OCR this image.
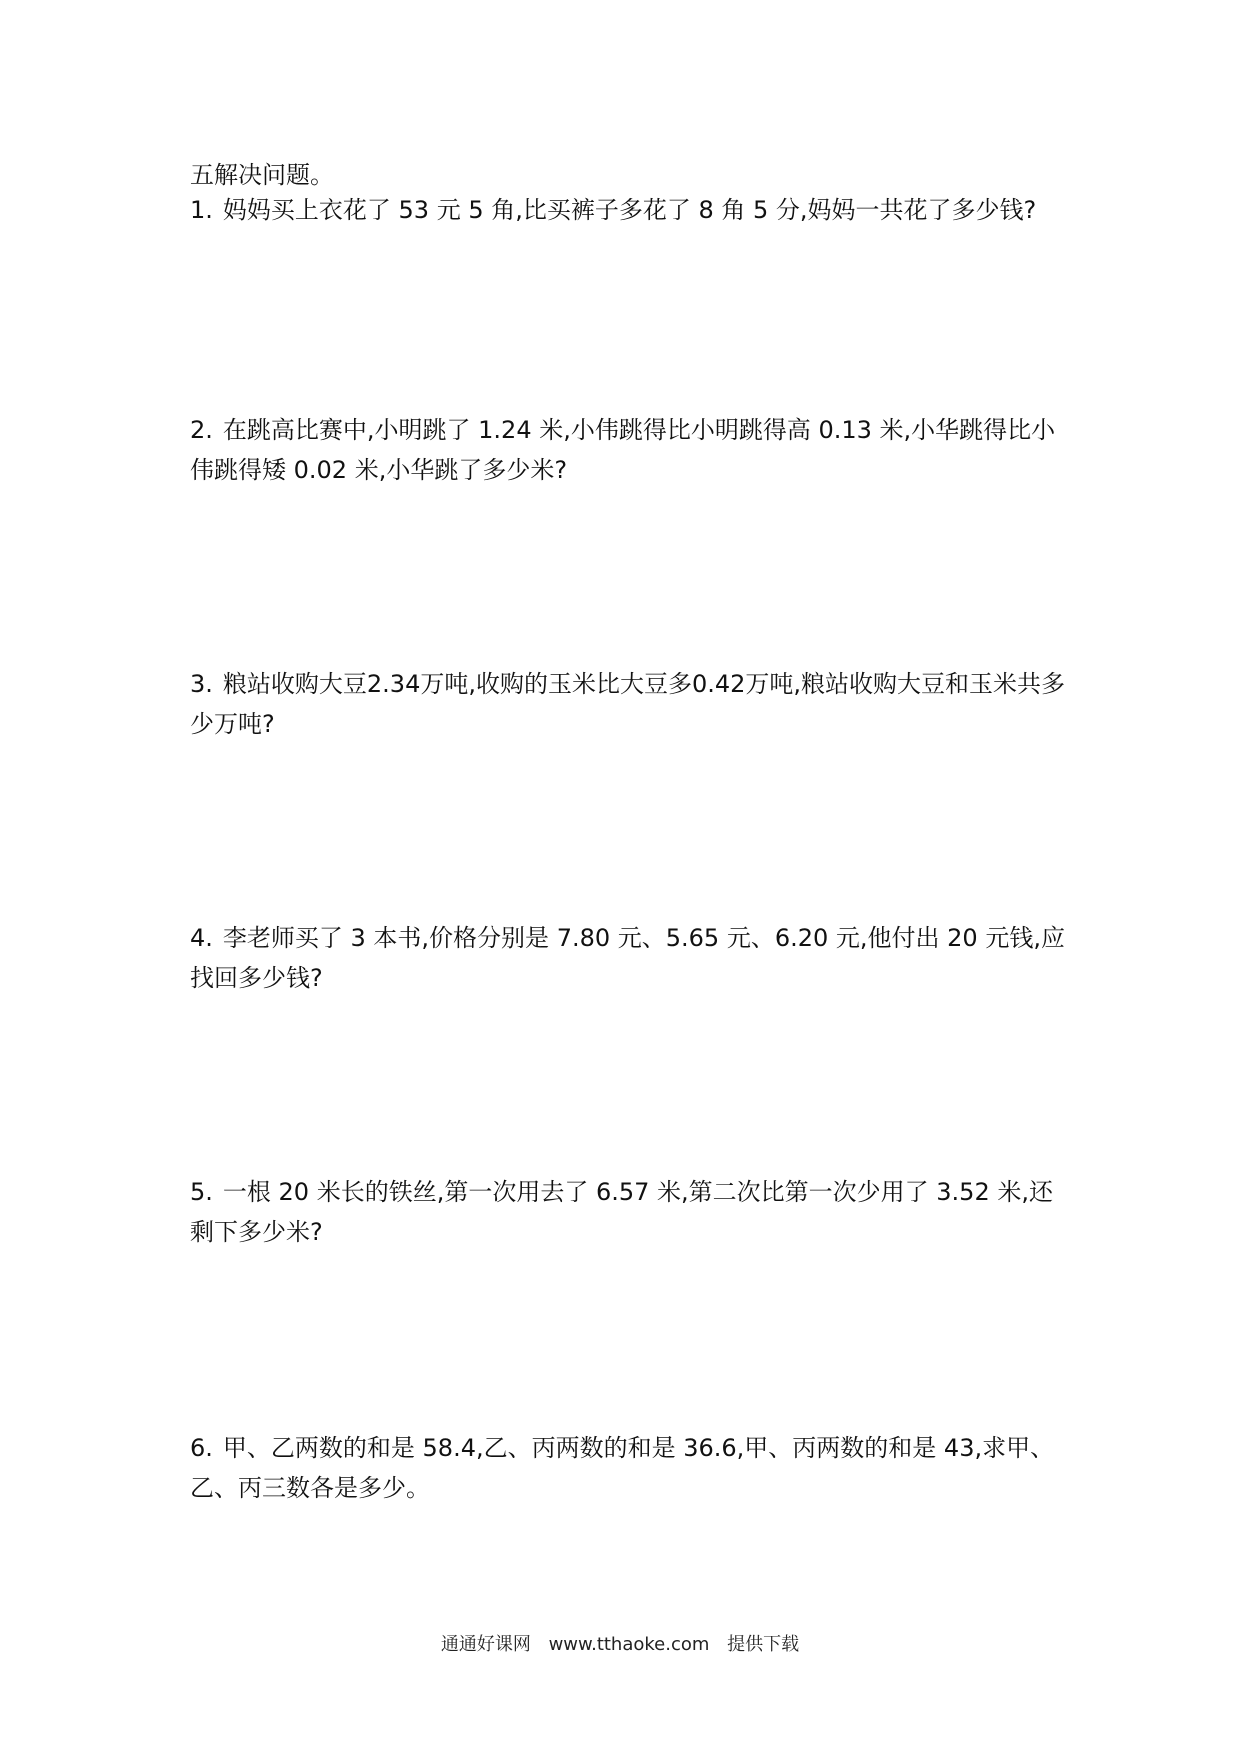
五解决问题。
1. 妈妈买上衣花了 53 元 5 角,比买裤子多花了 8 角 5 分,妈妈一共花了多少钱?
2. 在跳高比赛中,小明跳了 1.24 米,小伟跳得比小明跳得高 0.13 米,小华跳得比小伟跳得矮 0.02 米,小华跳了多少米?
3. 粮站收购大豆2.34万吨,收购的玉米比大豆多0.42万吨,粮站收购大豆和玉米共多少万吨?
4. 李老师买了 3 本书,价格分别是 7.80 元、5.65 元、6.20 元,他付出 20 元钱,应找回多少钱?
5. 一根 20 米长的铁丝,第一次用去了 6.57 米,第二次比第一次少用了 3.52 米,还剩下多少米?
6. 甲、乙两数的和是 58.4,乙、丙两数的和是 36.6,甲、丙两数的和是 43,求甲、乙、丙三数各是多少。
通通好课网 www.tthaoke.com 提供下载
